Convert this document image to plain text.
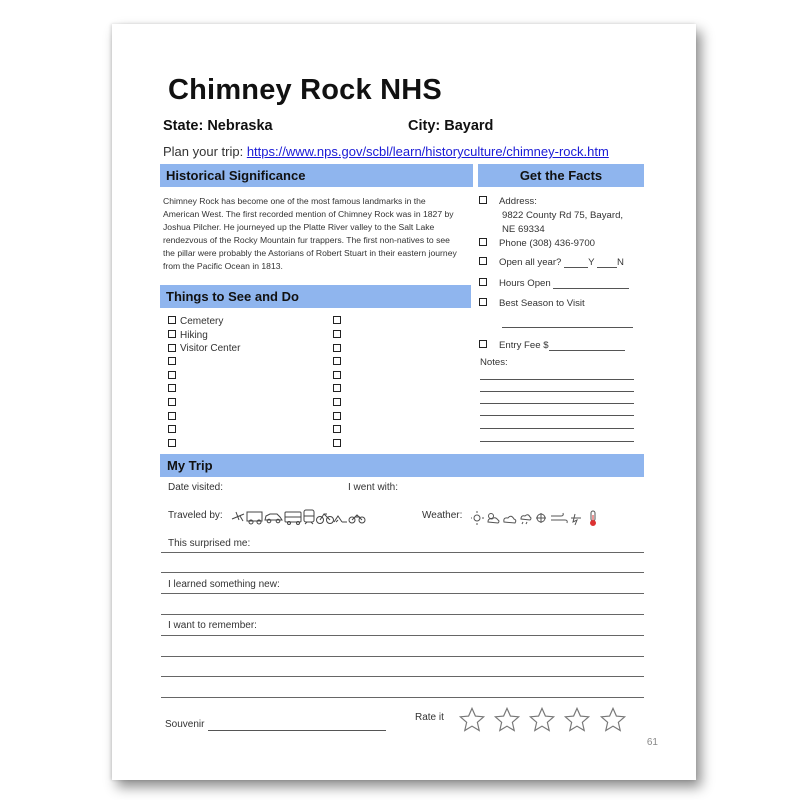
Chimney Rock NHS
State: Nebraska	City: Bayard
Plan your trip: https://www.nps.gov/scbl/learn/historyculture/chimney-rock.htm
Historical Significance	Get the Facts
Chimney Rock has become one of the most famous landmarks in the American West. The first recorded mention of Chimney Rock was in 1827 by Joshua Pilcher. He journeyed up the Platte River valley to the Salt Lake rendezvous of the Rocky Mountain fur trappers. The first non-natives to see the pillar were probably the Astorians of Robert Stuart in their eastern journey from the Pacific Ocean in 1813.
Things to See and Do
Cemetery
Hiking
Visitor Center
Address:
9822 County Rd 75, Bayard,
NE 69334
Phone (308) 436-9700
Open all year?	Y N
Hours Open
Best Season to Visit
Entry Fee $
Notes:
My Trip
Date visited:	I went with:
Traveled by:	Weather:
This surprised me:
I learned something new:
I want to remember:
Souvenir
Rate it
61
